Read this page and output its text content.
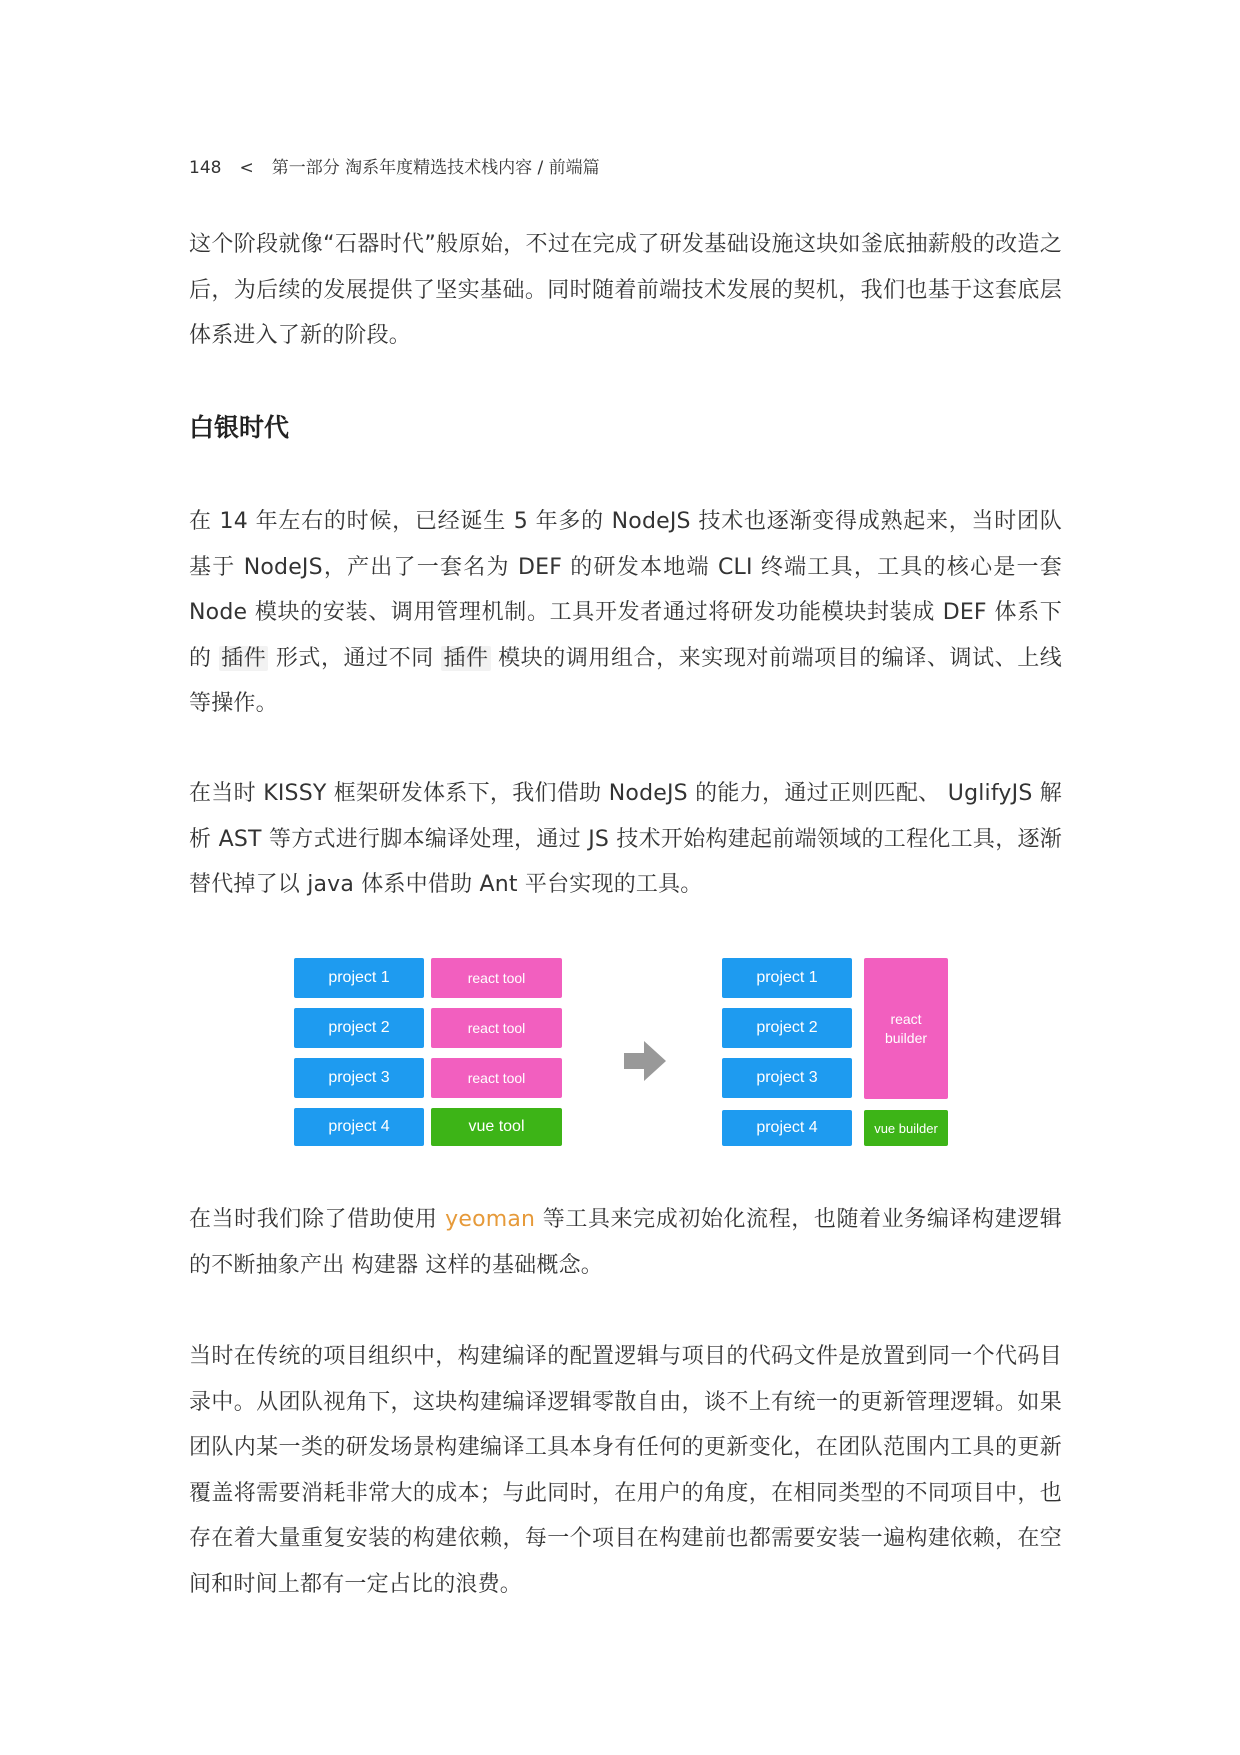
148 < 第一部分 淘系年度精选技术栈内容 / 前端篇

这个阶段就像“石器时代”般原始，不过在完成了研发基础设施这块如釜底抽薪般的改造之后，为后续的发展提供了坚实基础。同时随着前端技术发展的契机，我们也基于这套底层体系进入了新的阶段。

白银时代

在 14 年左右的时候，已经诞生 5 年多的 NodeJS 技术也逐渐变得成熟起来，当时团队基于 NodeJS，产出了一套名为 DEF 的研发本地端 CLI 终端工具，工具的核心是一套 Node 模块的安装、调用管理机制。工具开发者通过将研发功能模块封装成 DEF 体系下的 插件 形式，通过不同 插件 模块的调用组合，来实现对前端项目的编译、调试、上线等操作。

在当时 KISSY 框架研发体系下，我们借助 NodeJS 的能力，通过正则匹配、 UglifyJS 解析 AST 等方式进行脚本编译处理，通过 JS 技术开始构建起前端领域的工程化工具，逐渐替代掉了以 java 体系中借助 Ant 平台实现的工具。

project 1
project 2
project 3
project 4
react tool
react tool
react tool
vue tool
project 1
project 2
project 3
project 4
react
builder
vue builder

在当时我们除了借助使用 yeoman 等工具来完成初始化流程，也随着业务编译构建逻辑的不断抽象产出 构建器 这样的基础概念。

当时在传统的项目组织中，构建编译的配置逻辑与项目的代码文件是放置到同一个代码目录中。从团队视角下，这块构建编译逻辑零散自由，谈不上有统一的更新管理逻辑。如果团队内某一类的研发场景构建编译工具本身有任何的更新变化，在团队范围内工具的更新覆盖将需要消耗非常大的成本；与此同时，在用户的角度，在相同类型的不同项目中，也存在着大量重复安装的构建依赖，每一个项目在构建前也都需要安装一遍构建依赖，在空间和时间上都有一定占比的浪费。
